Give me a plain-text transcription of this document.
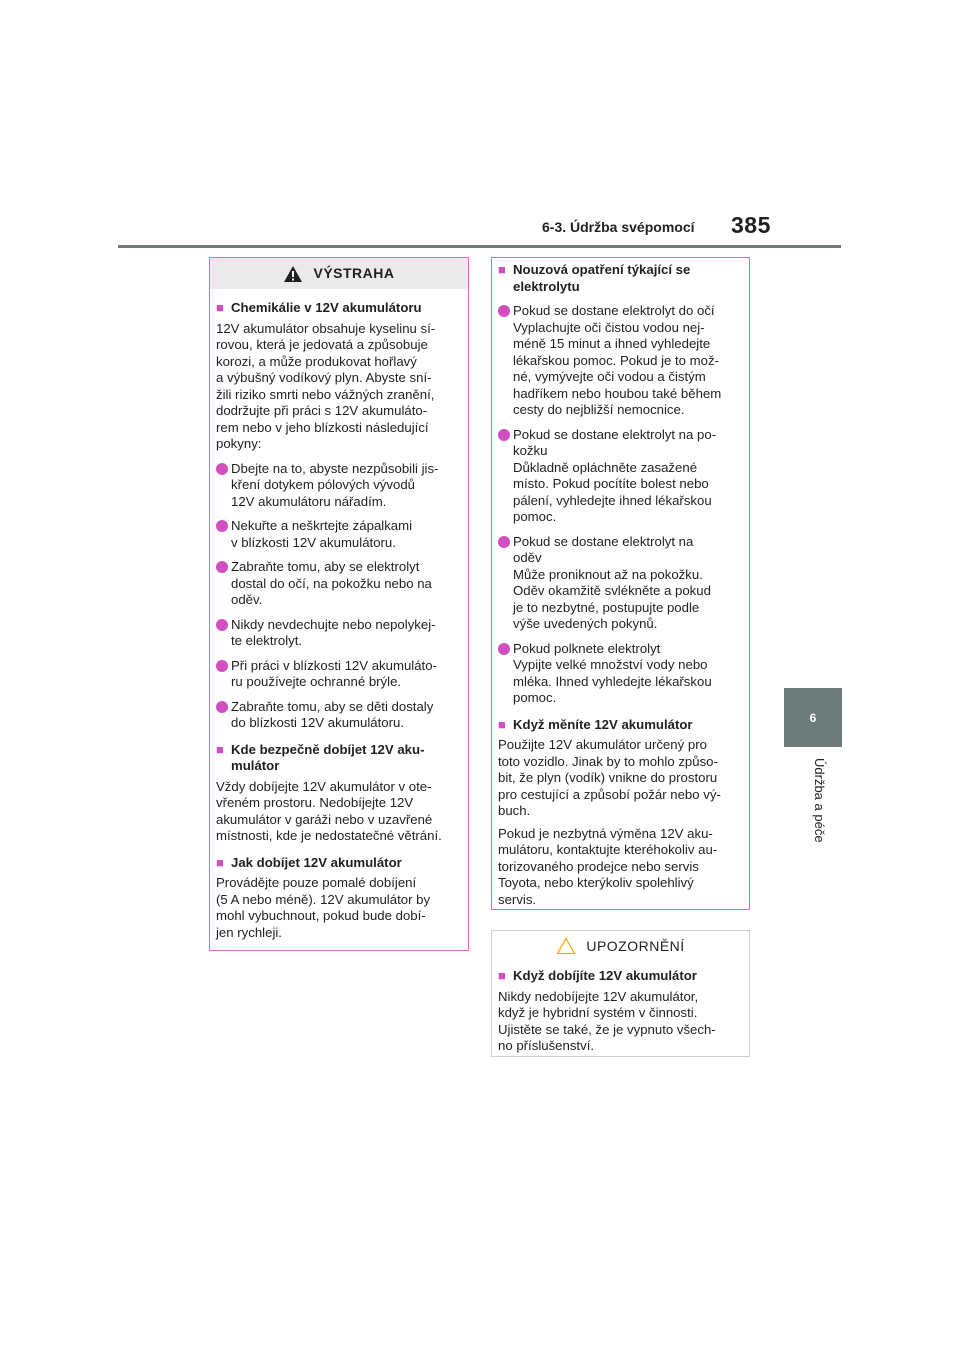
6-3. Údržba svépomocí 385
6
Údržba a péče
VÝSTRAHA
■ Chemikálie v 12V akumulátoru
12V akumulátor obsahuje kyselinu sí-
rovou, která je jedovatá a způsobuje
korozi, a může produkovat hořlavý
a výbušný vodíkový plyn. Abyste sní-
žili riziko smrti nebo vážných zranění,
dodržujte při práci s 12V akumuláto-
rem nebo v jeho blízkosti následující
pokyny:
Dbejte na to, abyste nezpůsobili jis-
kření dotykem pólových vývodů
12V akumulátoru nářadím.
Nekuřte a neškrtejte zápalkami
v blízkosti 12V akumulátoru.
Zabraňte tomu, aby se elektrolyt
dostal do očí, na pokožku nebo na
oděv.
Nikdy nevdechujte nebo nepolykej-
te elektrolyt.
Při práci v blízkosti 12V akumuláto-
ru používejte ochranné brýle.
Zabraňte tomu, aby se děti dostaly
do blízkosti 12V akumulátoru.
■ Kde bezpečně dobíjet 12V aku-
mulátor
Vždy dobíjejte 12V akumulátor v ote-
vřeném prostoru. Nedobíjejte 12V
akumulátor v garáži nebo v uzavřené
místnosti, kde je nedostatečné větrání.
■ Jak dobíjet 12V akumulátor
Provádějte pouze pomalé dobíjení
(5 A nebo méně). 12V akumulátor by
mohl vybuchnout, pokud bude dobí-
jen rychleji.
■ Nouzová opatření týkající se
elektrolytu
Pokud se dostane elektrolyt do očí
Vyplachujte oči čistou vodou nej-
méně 15 minut a ihned vyhledejte
lékařskou pomoc. Pokud je to mož-
né, vymývejte oči vodou a čistým
hadříkem nebo houbou také během
cesty do nejbližší nemocnice.
Pokud se dostane elektrolyt na po-
kožku
Důkladně opláchněte zasažené
místo. Pokud pocítíte bolest nebo
pálení, vyhledejte ihned lékařskou
pomoc.
Pokud se dostane elektrolyt na
oděv
Může proniknout až na pokožku.
Oděv okamžitě svlékněte a pokud
je to nezbytné, postupujte podle
výše uvedených pokynů.
Pokud polknete elektrolyt
Vypijte velké množství vody nebo
mléka. Ihned vyhledejte lékařskou
pomoc.
■ Když měníte 12V akumulátor
Použijte 12V akumulátor určený pro
toto vozidlo. Jinak by to mohlo způso-
bit, že plyn (vodík) vnikne do prostoru
pro cestující a způsobí požár nebo vý-
buch.
Pokud je nezbytná výměna 12V aku-
mulátoru, kontaktujte kteréhokoliv au-
torizovaného prodejce nebo servis
Toyota, nebo kterýkoliv spolehlivý
servis.
UPOZORNĚNÍ
■ Když dobíjíte 12V akumulátor
Nikdy nedobíjejte 12V akumulátor,
když je hybridní systém v činnosti.
Ujistěte se také, že je vypnuto všech-
no příslušenství.
